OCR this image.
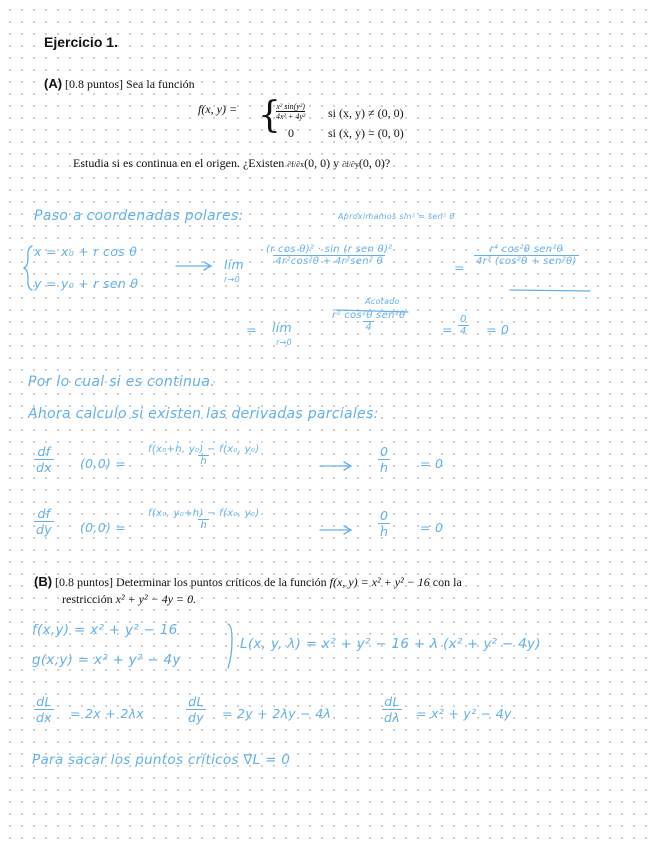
Ejercicio 1.
(A) [0.8 puntos] Sea la función
f(x, y) = {
x² sin(y²)
4x² + 4y² si (x, y) ≠ (0, 0)
0	si (x, y) = (0, 0)
Estudia si es continua en el origen. ¿Existen ∂f/∂x (0, 0) y ∂f/∂y (0, 0)?
Paso a coordenadas polares:	Aproximamos sin² ≈ sen² θ
x = x₀ + r cos θ
y = y₀ + r sen θ
lím
r→0
(r cos θ)² · sin (r sen θ)²
4r²cos²θ + 4r²sen² θ	=
r⁴ cos²θ sen²θ
4r² (cos²θ + sen²θ)
= lím
r→0
Acotado
r² cos²θ sen²θ
4	= $\frac{0}{4} = 0$
Por lo cual si es continua.
Ahora calculo si existen las derivadas parciales:
$\frac{df}{dx} (0,0) = \frac{\text{f(x₀+h, y₀) − f(x₀, y₀)}}{h}$	$\frac{0}{h} = 0$
$\frac{df}{dy} (0,0) = \frac{\text{f(x₀, y₀+h) − f(x₀, y₀)}}{h}$	$\frac{0}{h} = 0$
(B) [0.8 puntos] Determinar los puntos críticos de la función f(x, y) = x² + y² − 16 con la
restricción x² + y² − 4y = 0.
f(x,y) = x² + y² − 16
g(x,y) = x² + y² − 4y
L(x, y, λ) = x² + y² − 16 + λ (x² + y² − 4y)
$\frac{dL}{dx} = 2x + 2\lambda x$	$\frac{dL}{dy} = 2y + 2\lambda y - 4\lambda$	$\frac{dL}{d\lambda} = x^2 + y^2 - 4y$
Para sacar los puntos críticos ∇L = 0
